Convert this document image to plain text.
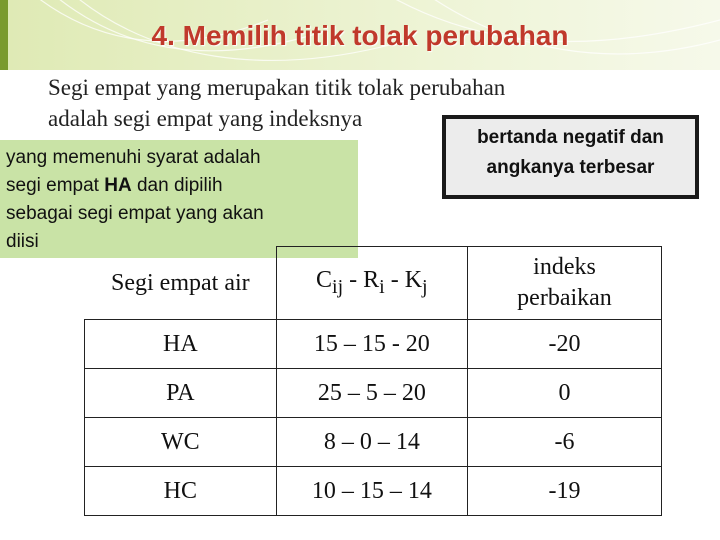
4. Memilih titik tolak perubahan
Segi empat yang merupakan titik tolak perubahan
adalah segi empat yang indeksnya
yang memenuhi syarat adalah
segi empat HA dan dipilih
sebagai segi empat yang akan
diisi
bertanda negatif dan
angkanya terbesar
Segi empat air	$C_{ij} - R_i - K_j$	indeks
perbaikan

HA	15 – 15 - 20	-20
PA	25 – 5 – 20	0
WC	8 – 0 – 14	-6
HC	10 – 15 – 14	-19
